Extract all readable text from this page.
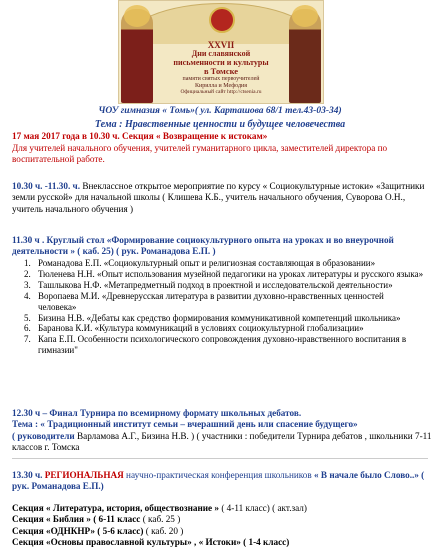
XXVII
Дни славянской
письменности и культуры
в Томске
памяти святых первоучителей
Кирилла и Мефодия
Официальный сайт http://ctsenia.ru
ЧОУ гимназия « Томь»( ул. Карташова 68/1 тел.43-03-34)
Тема : Нравственные ценности и будущее человечества
17 мая 2017 года в 10.30 ч. Секция « Возвращение к истокам»
Для учителей начального обучения, учителей гуманитарного цикла, заместителей директора по воспитательной работе.
10.30 ч. -11.30. ч. Внеклассное открытое мероприятие по курсу « Социокультурные истоки» «Защитники земли русской» для начальной школы ( Клишева К.Б., учитель начального обучения, Суворова О.Н., учитель начального обучения )
11.30 ч . Круглый стол «Формирование социокультурного опыта на уроках и во внеурочной деятельности » ( каб. 25) ( рук. Романадова Е.П. )
1. Романадова Е.П. «Социокультурный опыт и религиозная составляющая в образовании»
2. Тюленева Н.Н. «Опыт использования музейной педагогики на уроках литературы и русского языка»
3. Ташлыкова Н.Ф. «Метапредметный подход в проектной и исследовательской деятельности»
4. Воропаева М.И. «Древнерусская литература в развитии духовно-нравственных ценностей человека»
5. Бизина Н.В. «Дебаты как средство формирования коммуникативной компетенций школьника»
6. Баранова К.И. «Культура коммуникаций в условиях социокультурной глобализации»
7. Капа Е.П. Особенности психологического сопровождения духовно-нравственного воспитания в гимназии"
12.30 ч – Финал Турнира по всемирному формату школьных дебатов.
Тема : « Традиционный институт семьи – вчерашний день или спасение будущего»
( руководители Варламова А.Г., Бизина Н.В. ) ( участники : победители Турнира дебатов , школьники 7-11 классов г. Томска
13.30 ч. РЕГИОНАЛЬНАЯ научно-практическая конференция школьников « В начале было Слово..» ( рук. Романадова Е.П.)
Секция « Литература, история, обществознание » ( 4-11 класс) ( акт.зал)
Секция « Библия » ( 6-11 класс ( каб. 25 )
Секция «ОДНКНР» ( 5-6 класс) ( каб. 20 )
Секция «Основы православной культуры» , « Истоки» ( 1-4 класс)
